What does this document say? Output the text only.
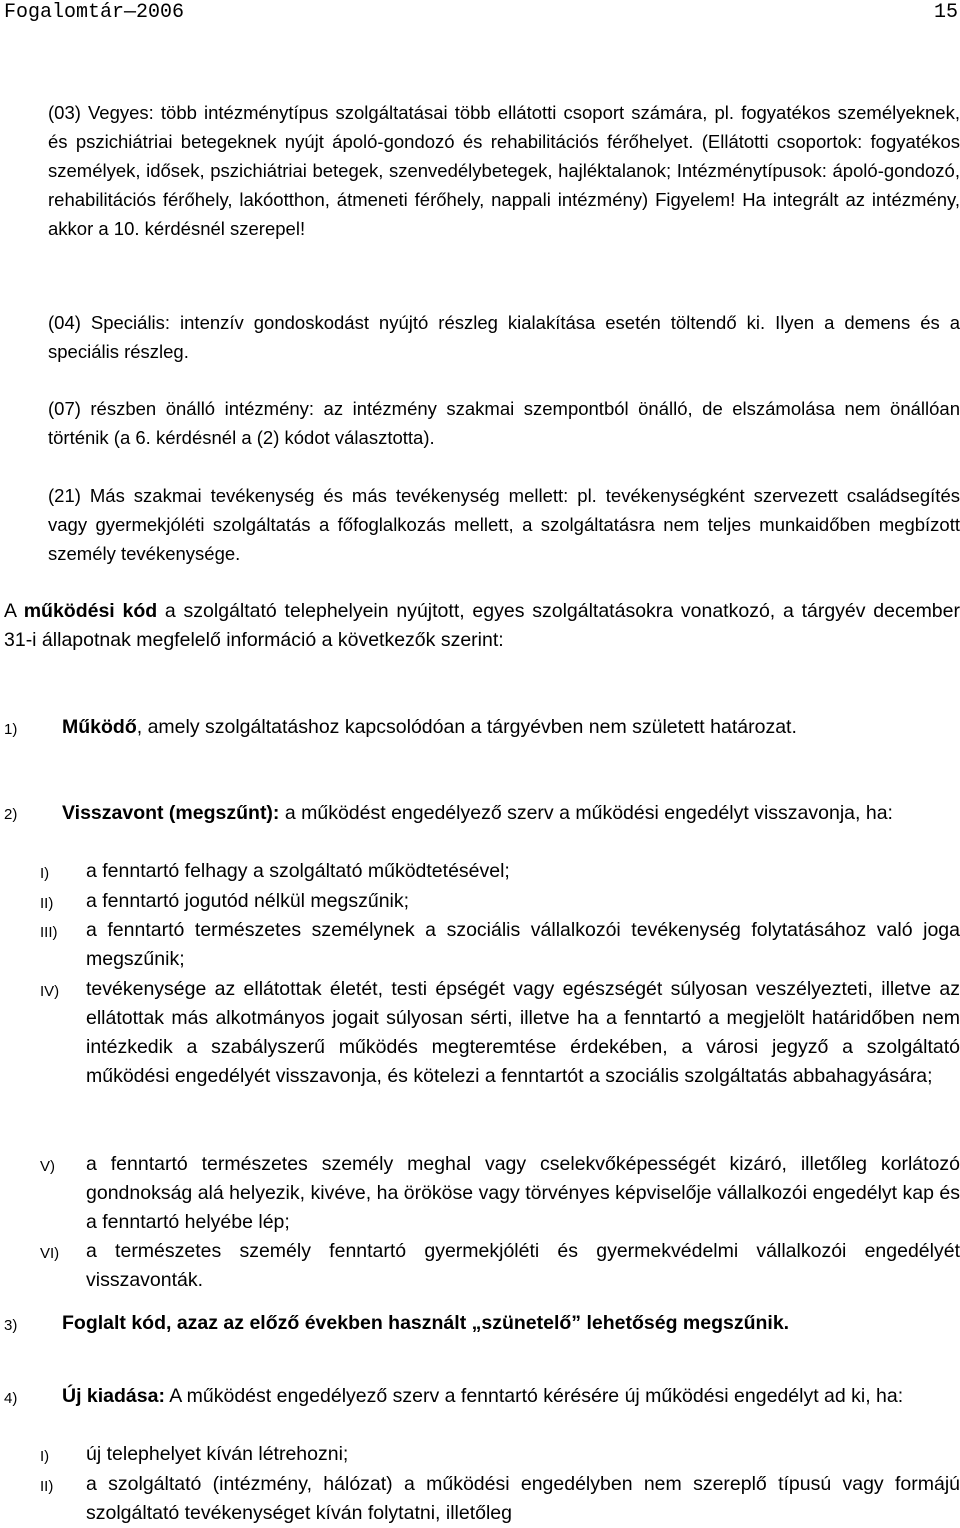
Fogalomtár—2006	15
(03) Vegyes: több intézménytípus szolgáltatásai több ellátotti csoport számára, pl. fogyatékos személyeknek, és pszichiátriai betegeknek nyújt ápoló-gondozó és rehabilitációs férőhelyet. (Ellátotti csoportok: fogyatékos személyek, idősek, pszichiátriai betegek, szenvedélybetegek, hajléktalanok; Intézménytípusok: ápoló-gondozó, rehabilitációs férőhely, lakóotthon, átmeneti férőhely, nappali intézmény) Figyelem! Ha integrált az intézmény, akkor a 10. kérdésnél szerepel!
(04) Speciális: intenzív gondoskodást nyújtó részleg kialakítása esetén töltendő ki. Ilyen a demens és a speciális részleg.
(07) részben önálló intézmény: az intézmény szakmai szempontból önálló, de elszámolása nem önállóan történik (a 6. kérdésnél a (2) kódot választotta).
(21) Más szakmai tevékenység és más tevékenység mellett: pl. tevékenységként szervezett családsegítés vagy gyermekjóléti szolgáltatás a főfoglalkozás mellett, a szolgáltatásra nem teljes munkaidőben megbízott személy tevékenysége.
A működési kód a szolgáltató telephelyein nyújtott, egyes szolgáltatásokra vonatkozó, a tárgyév december 31-i állapotnak megfelelő információ a következők szerint:
1) Működő, amely szolgáltatáshoz kapcsolódóan a tárgyévben nem született határozat.
2) Visszavont (megszűnt): a működést engedélyező szerv a működési engedélyt visszavonja, ha:
I) a fenntartó felhagy a szolgáltató működtetésével;
II) a fenntartó jogutód nélkül megszűnik;
III) a fenntartó természetes személynek a szociális vállalkozói tevékenység folytatásához való joga megszűnik;
IV) tevékenysége az ellátottak életét, testi épségét vagy egészségét súlyosan veszélyezteti, illetve az ellátottak más alkotmányos jogait súlyosan sérti, illetve ha a fenntartó a megjelölt határidőben nem intézkedik a szabályszerű működés megteremtése érdekében, a városi jegyző a szolgáltató működési engedélyét visszavonja, és kötelezi a fenntartót a szociális szolgáltatás abbahagyására;
V) a fenntartó természetes személy meghal vagy cselekvőképességét kizáró, illetőleg korlátozó gondnokság alá helyezik, kivéve, ha örököse vagy törvényes képviselője vállalkozói engedélyt kap és a fenntartó helyébe lép;
VI) a természetes személy fenntartó gyermekjóléti és gyermekvédelmi vállalkozói engedélyét visszavonták.
3) Foglalt kód, azaz az előző években használt „szünetelő” lehetőség megszűnik.
4) Új kiadása: A működést engedélyező szerv a fenntartó kérésére új működési engedélyt ad ki, ha:
I) új telephelyet kíván létrehozni;
II) a szolgáltató (intézmény, hálózat) a működési engedélyben nem szereplő típusú vagy formájú szolgáltató tevékenységet kíván folytatni, illetőleg
